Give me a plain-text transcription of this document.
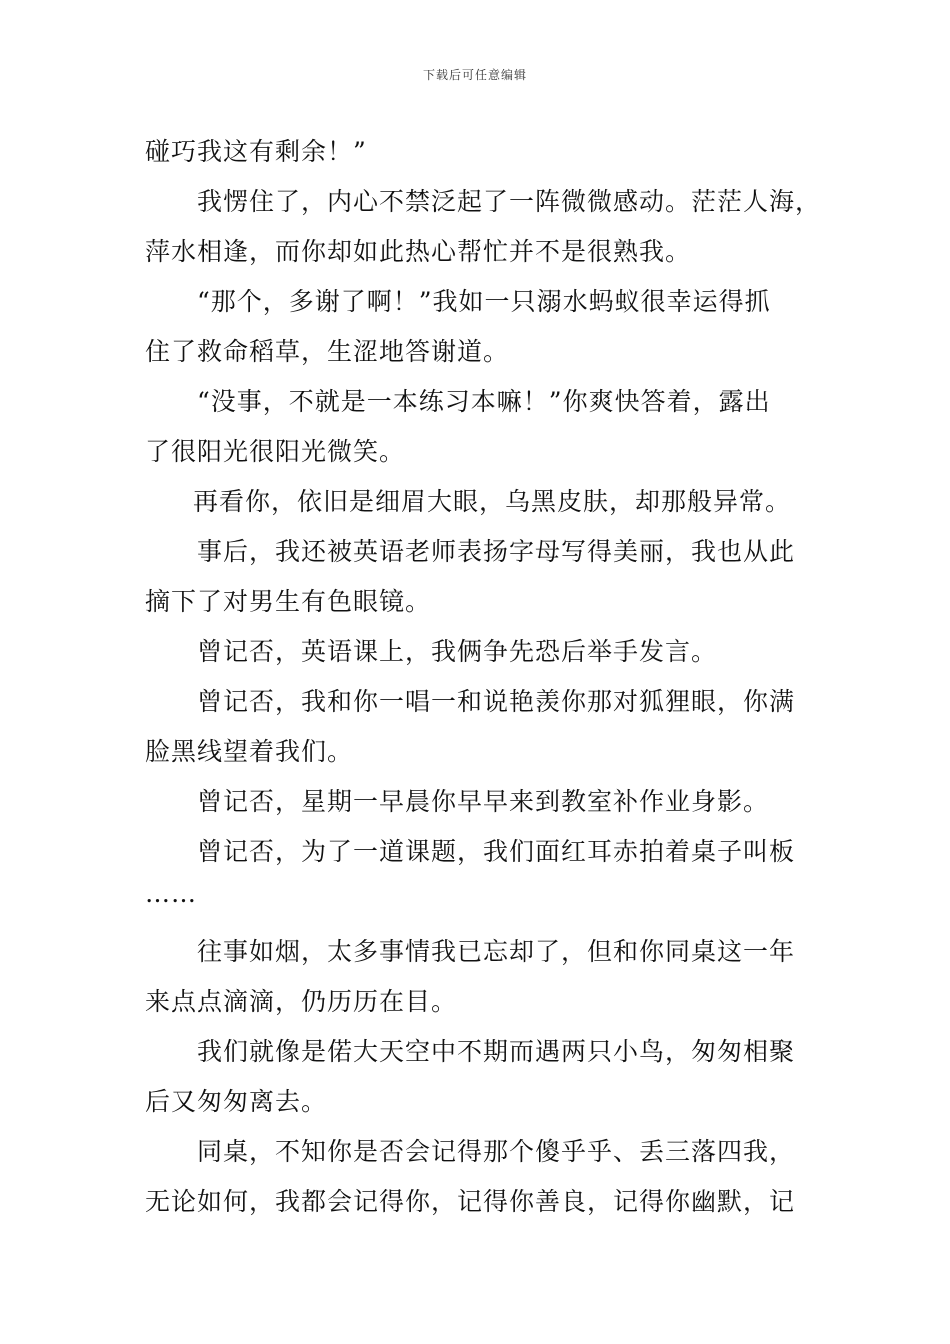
下载后可任意编辑
碰巧我这有剩余！”
我愣住了，内心不禁泛起了一阵微微感动。茫茫人海，
萍水相逢，而你却如此热心帮忙并不是很熟我。
“那个，多谢了啊！”我如一只溺水蚂蚁很幸运得抓
住了救命稻草，生涩地答谢道。
“没事，不就是一本练习本嘛！”你爽快答着，露出
了很阳光很阳光微笑。
再看你，依旧是细眉大眼，乌黑皮肤，却那般异常。
事后，我还被英语老师表扬字母写得美丽，我也从此
摘下了对男生有色眼镜。
曾记否，英语课上，我俩争先恐后举手发言。
曾记否，我和你一唱一和说艳羡你那对狐狸眼，你满
脸黑线望着我们。
曾记否，星期一早晨你早早来到教室补作业身影。
曾记否，为了一道课题，我们面红耳赤拍着桌子叫板
……
往事如烟，太多事情我已忘却了，但和你同桌这一年
来点点滴滴，仍历历在目。
我们就像是偌大天空中不期而遇两只小鸟，匆匆相聚
后又匆匆离去。
同桌，不知你是否会记得那个傻乎乎、丢三落四我，
无论如何，我都会记得你，记得你善良，记得你幽默，记
